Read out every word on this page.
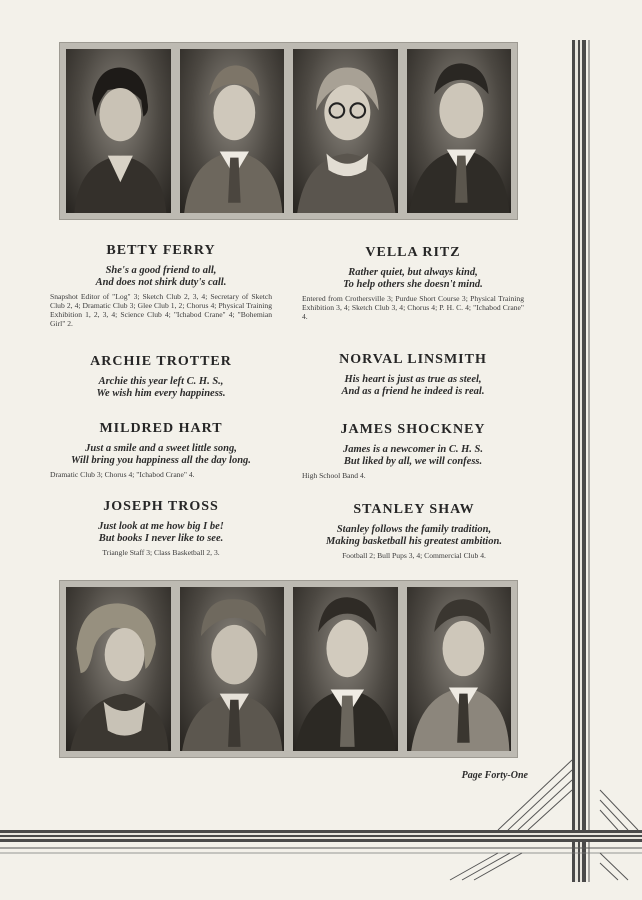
BETTY FERRY
She's a good friend to all,
And does not shirk duty's call.
Snapshot Editor of "Log" 3; Sketch Club 2, 3, 4; Secretary of Sketch Club 2, 4; Dramatic Club 3; Glee Club 1, 2; Chorus 4; Physical Training Exhibition 1, 2, 3, 4; Science Club 4; "Ichabod Crane" 4; "Bohemian Girl" 2.
VELLA RITZ
Rather quiet, but always kind,
To help others she doesn't mind.
Entered from Crothersville 3; Purdue Short Course 3; Physical Training Exhibition 3, 4; Sketch Club 3, 4; Chorus 4; P. H. C. 4; "Ichabod Crane" 4.
ARCHIE TROTTER
Archie this year left C. H. S.,
We wish him every happiness.
NORVAL LINSMITH
His heart is just as true as steel,
And as a friend he indeed is real.
MILDRED HART
Just a smile and a sweet little song,
Will bring you happiness all the day long.
Dramatic Club 3; Chorus 4; "Ichabod Crane" 4.
JAMES SHOCKNEY
James is a newcomer in C. H. S.
But liked by all, we will confess.
High School Band 4.
JOSEPH TROSS
Just look at me how big I be!
But books I never like to see.
Triangle Staff 3; Class Basketball 2, 3.
STANLEY SHAW
Stanley follows the family tradition,
Making basketball his greatest ambition.
Football 2; Bull Pups 3, 4; Commercial Club 4.
Page Forty-One
